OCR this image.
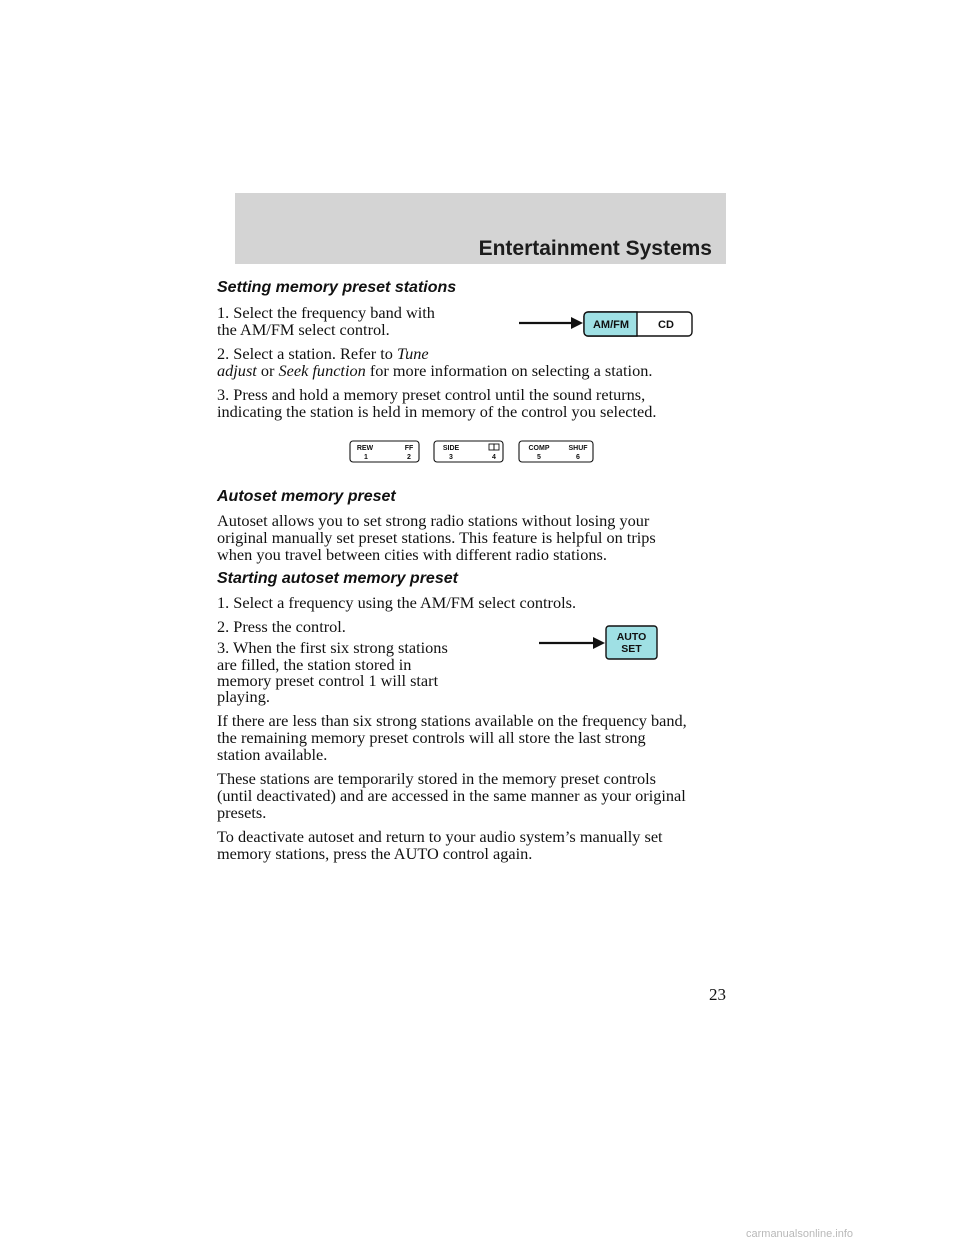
Entertainment Systems
Setting memory preset stations
1. Select the frequency band with
the AM/FM select control.
2. Select a station. Refer to Tune
adjust or Seek function for more information on selecting a station.
3. Press and hold a memory preset control until the sound returns,
indicating the station is held in memory of the control you selected.
AM/FM	CD
REW	FF
1	2
SIDE
3	4
COMP	SHUF
5	6
Autoset memory preset
Autoset allows you to set strong radio stations without losing your
original manually set preset stations. This feature is helpful on trips
when you travel between cities with different radio stations.
Starting autoset memory preset
1. Select a frequency using the AM/FM select controls.
2. Press the control.
3. When the first six strong stations
are filled, the station stored in
memory preset control 1 will start
playing.
If there are less than six strong stations available on the frequency band,
the remaining memory preset controls will all store the last strong
station available.
These stations are temporarily stored in the memory preset controls
(until deactivated) and are accessed in the same manner as your original
presets.
To deactivate autoset and return to your audio system’s manually set
memory stations, press the AUTO control again.
AUTO
SET
23
carmanualsonline.info
